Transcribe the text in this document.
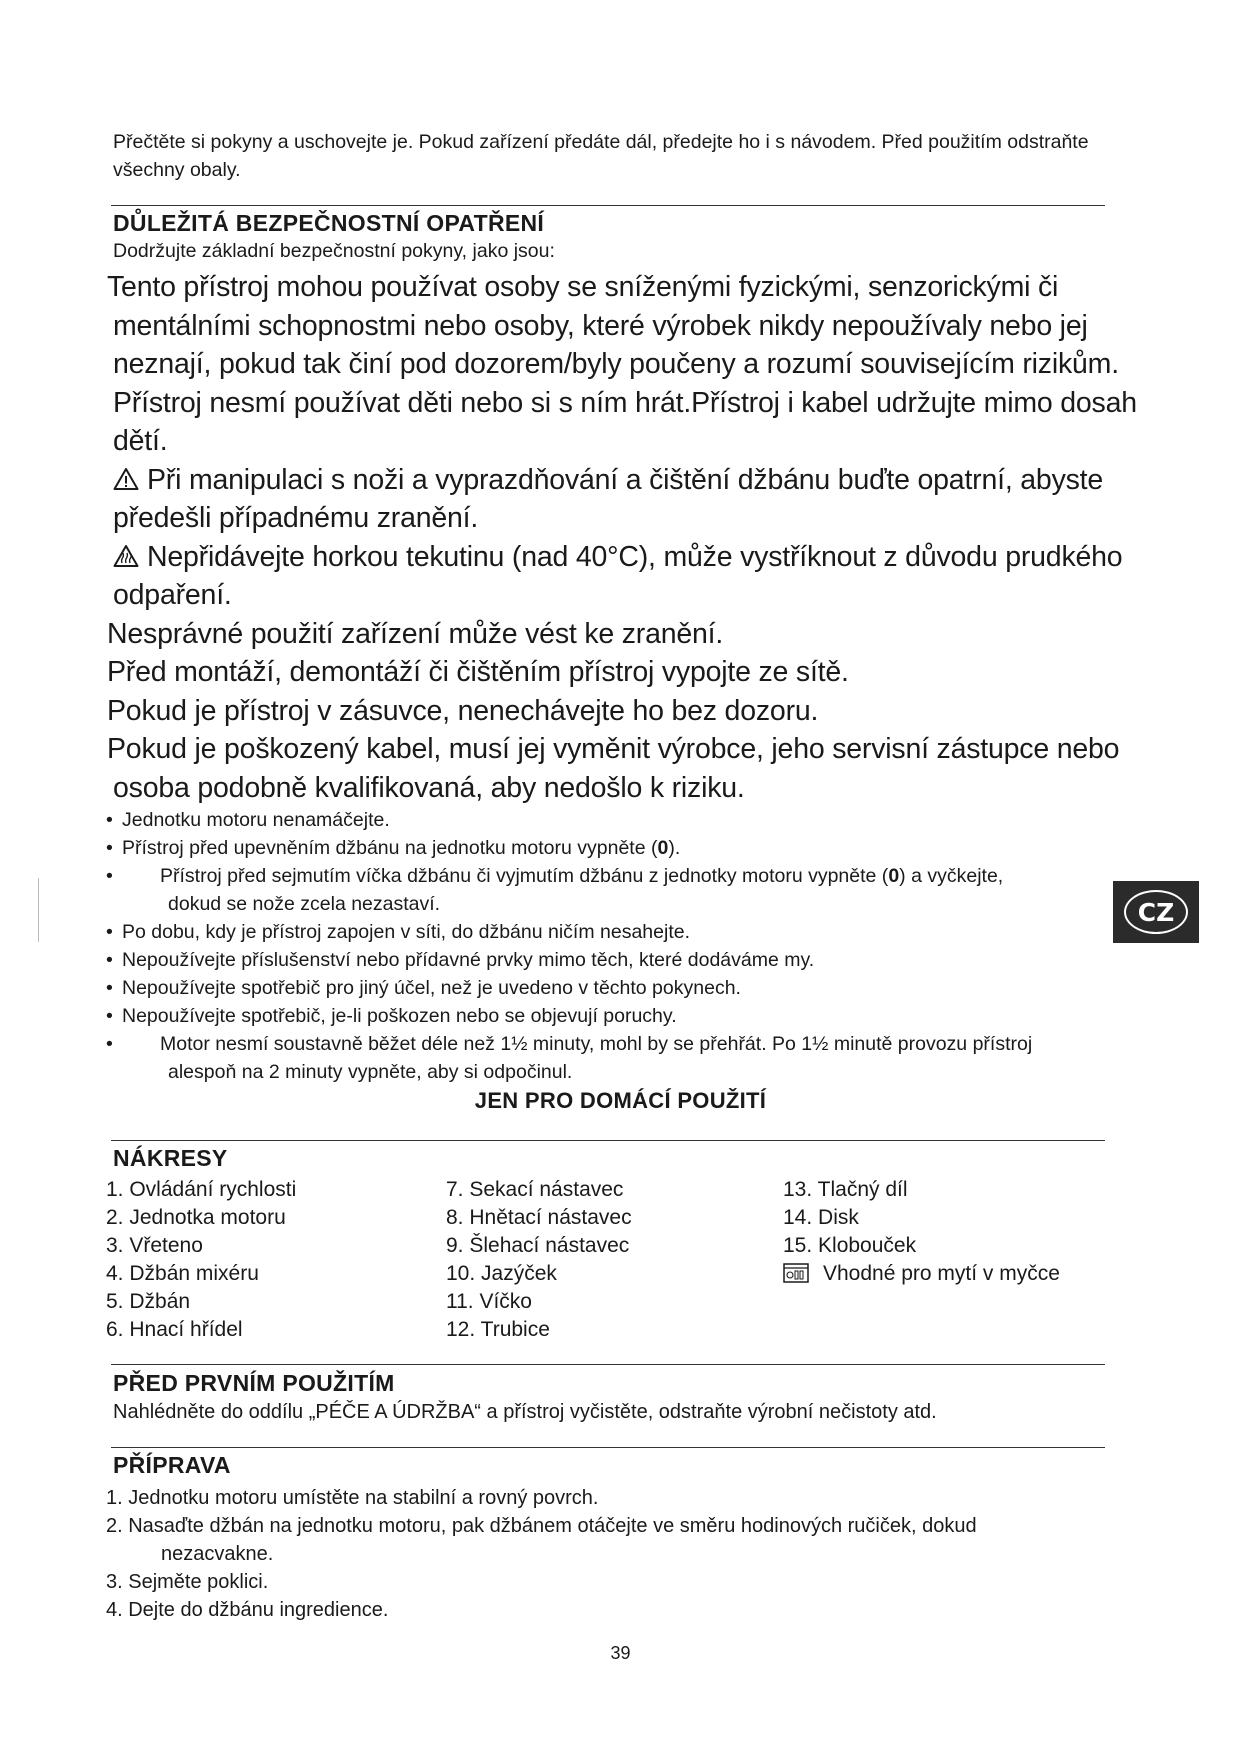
Přečtěte si pokyny a uschovejte je. Pokud zařízení předáte dál, předejte ho i s návodem. Před použitím odstraňte všechny obaly.
DŮLEŽITÁ BEZPEČNOSTNÍ OPATŘENÍ
Dodržujte základní bezpečnostní pokyny, jako jsou:

Tento přístroj mohou používat osoby se sníženými fyzickými, senzorickými či mentálními schopnostmi nebo osoby, které výrobek nikdy nepoužívaly nebo jej neznají, pokud tak činí pod dozorem/byly poučeny a rozumí souvisejícím rizikům. Přístroj nesmí používat děti nebo si s ním hrát.Přístroj i kabel udržujte mimo dosah dětí.

Při manipulaci s noži a vyprazdňování a čištění džbánu buďte opatrní, abyste předešli případnému zranění.

Nepřidávejte horkou tekutinu (nad 40°C), může vystříknout z důvodu prudkého odpaření.

Nesprávné použití zařízení může vést ke zranění.

Před montáží, demontáží či čištěním přístroj vypojte ze sítě.

Pokud je přístroj v zásuvce, nenechávejte ho bez dozoru.

Pokud je poškozený kabel, musí jej vyměnit výrobce, jeho servisní zástupce nebo osoba podobně kvalifikovaná, aby nedošlo k riziku.

• Jednotku motoru nenamáčejte.
• Přístroj před upevněním džbánu na jednotku motoru vypněte (0).
•	Přístroj před sejmutím víčka džbánu či vyjmutím džbánu z jednotky motoru vypněte (0) a vyčkejte,
dokud se nože zcela nezastaví.
• Po dobu, kdy je přístroj zapojen v síti, do džbánu ničím nesahejte.
• Nepoužívejte příslušenství nebo přídavné prvky mimo těch, které dodáváme my.
• Nepoužívejte spotřebič pro jiný účel, než je uvedeno v těchto pokynech.
• Nepoužívejte spotřebič, je-li poškozen nebo se objevují poruchy.
•	Motor nesmí soustavně běžet déle než 1½ minuty, mohl by se přehřát. Po 1½ minutě provozu přístroj
alespoň na 2 minuty vypněte, aby si odpočinul.
JEN PRO DOMÁCÍ POUŽITÍ
NÁKRESY
1. Ovládání rychlosti
2. Jednotka motoru
3. Vřeteno
4. Džbán mixéru
5. Džbán
6. Hnací hřídel
7. Sekací nástavec
8. Hnětací nástavec
9. Šlehací nástavec
10. Jazýček
11. Víčko
12. Trubice
13. Tlačný díl
14. Disk
15. Klobouček
Vhodné pro mytí v myčce
PŘED PRVNÍM POUŽITÍM
Nahlédněte do oddílu „PÉČE A ÚDRŽBA“ a přístroj vyčistěte, odstraňte výrobní nečistoty atd.
PŘÍPRAVA
1. Jednotku motoru umístěte na stabilní a rovný povrch.
2. Nasaďte džbán na jednotku motoru, pak džbánem otáčejte ve směru hodinových ručiček, dokud
nezacvakne.
3. Sejměte poklici.
4. Dejte do džbánu ingredience.
39
CZ
